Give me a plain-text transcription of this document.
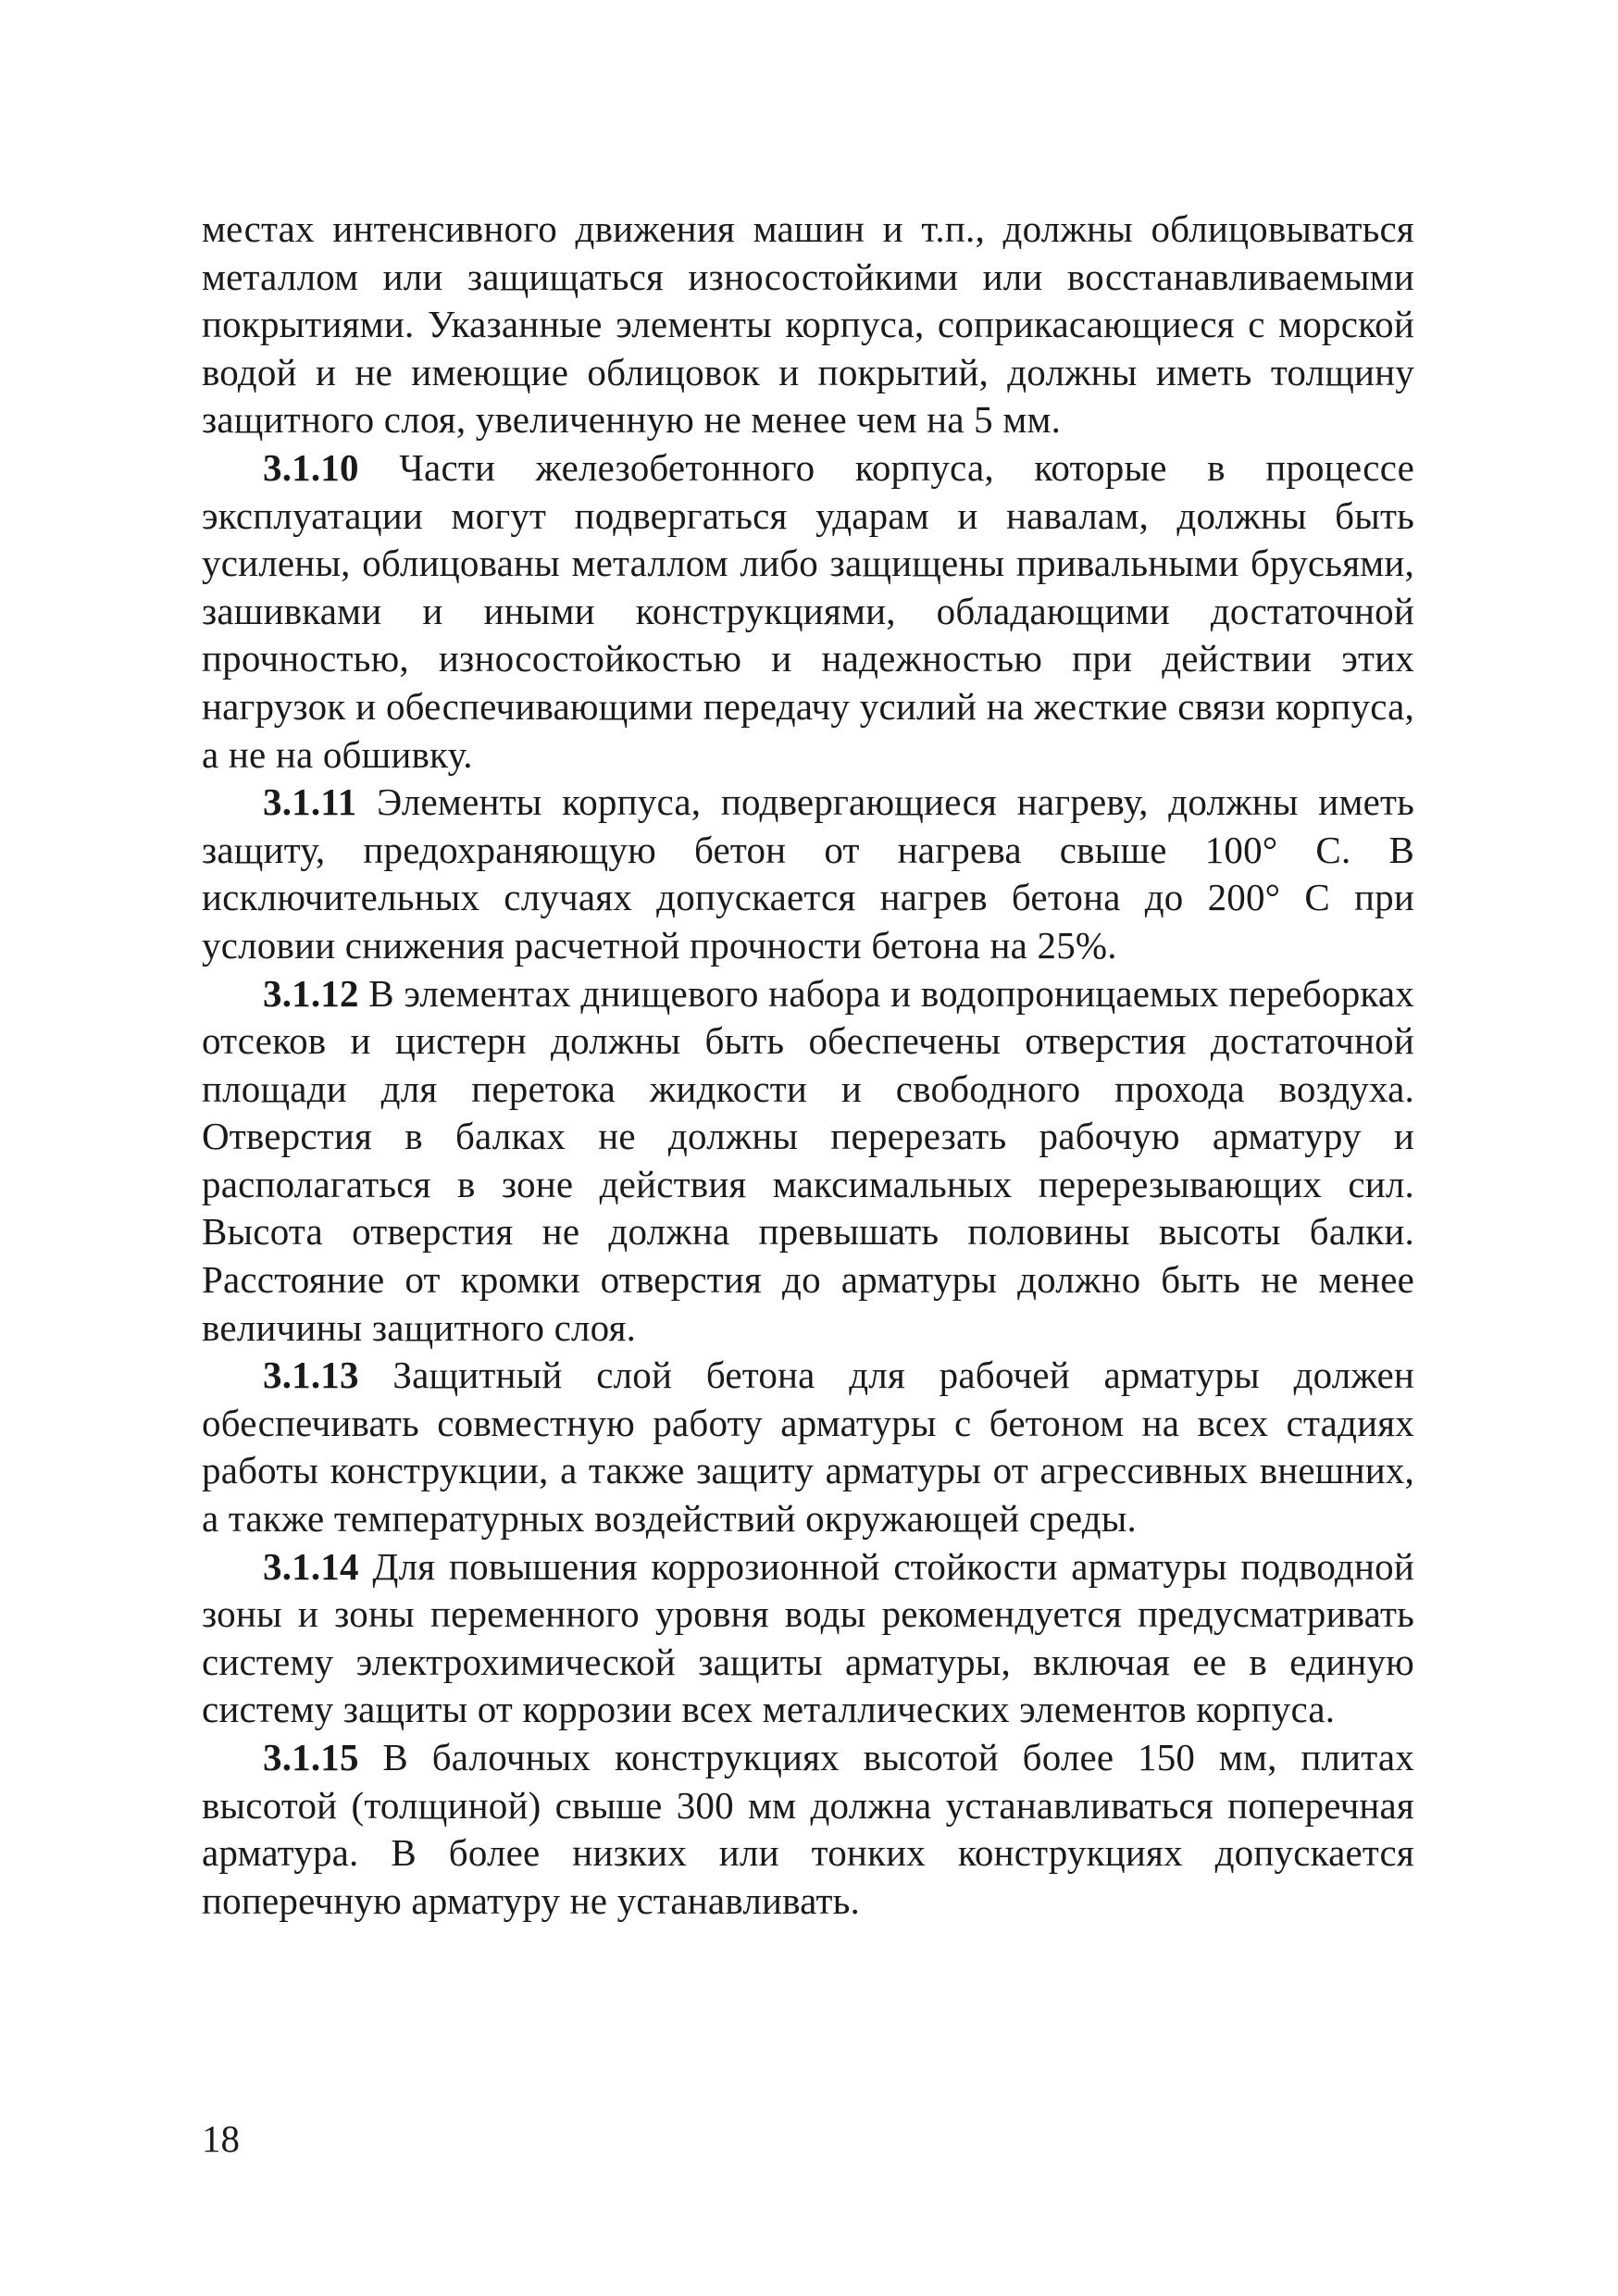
местах интенсивного движения машин и т.п., должны облицовываться металлом или защищаться износостойкими или восстанавливаемыми покрытиями. Указанные элементы корпуса, соприкасающиеся с морской водой и не имеющие облицовок и покрытий, должны иметь толщину защитного слоя, увеличенную не менее чем на 5 мм.

3.1.10 Части железобетонного корпуса, которые в процессе эксплуатации могут подвергаться ударам и навалам, должны быть усилены, облицованы металлом либо защищены привальными брусьями, зашивками и иными конструкциями, обладающими достаточной прочностью, износостойкостью и надежностью при действии этих нагрузок и обеспечивающими передачу усилий на жесткие связи корпуса, а не на обшивку.

3.1.11 Элементы корпуса, подвергающиеся нагреву, должны иметь защиту, предохраняющую бетон от нагрева свыше 100° С. В исключительных случаях допускается нагрев бетона до 200° С при условии снижения расчетной прочности бетона на 25%.

3.1.12 В элементах днищевого набора и водопроницаемых переборках отсеков и цистерн должны быть обеспечены отверстия достаточной площади для перетока жидкости и свободного прохода воздуха. Отверстия в балках не должны перерезать рабочую арматуру и располагаться в зоне действия максимальных перерезывающих сил. Высота отверстия не должна превышать половины высоты балки. Расстояние от кромки отверстия до арматуры должно быть не менее величины защитного слоя.

3.1.13 Защитный слой бетона для рабочей арматуры должен обеспечивать совместную работу арматуры с бетоном на всех стадиях работы конструкции, а также защиту арматуры от агрессивных внешних, а также температурных воздействий окружающей среды.

3.1.14 Для повышения коррозионной стойкости арматуры подводной зоны и зоны переменного уровня воды рекомендуется предусматривать систему электрохимической защиты арматуры, включая ее в единую систему защиты от коррозии всех металлических элементов корпуса.

3.1.15 В балочных конструкциях высотой более 150 мм, плитах высотой (толщиной) свыше 300 мм должна устанавливаться поперечная арматура. В более низких или тонких конструкциях допускается поперечную арматуру не устанавливать.

18
